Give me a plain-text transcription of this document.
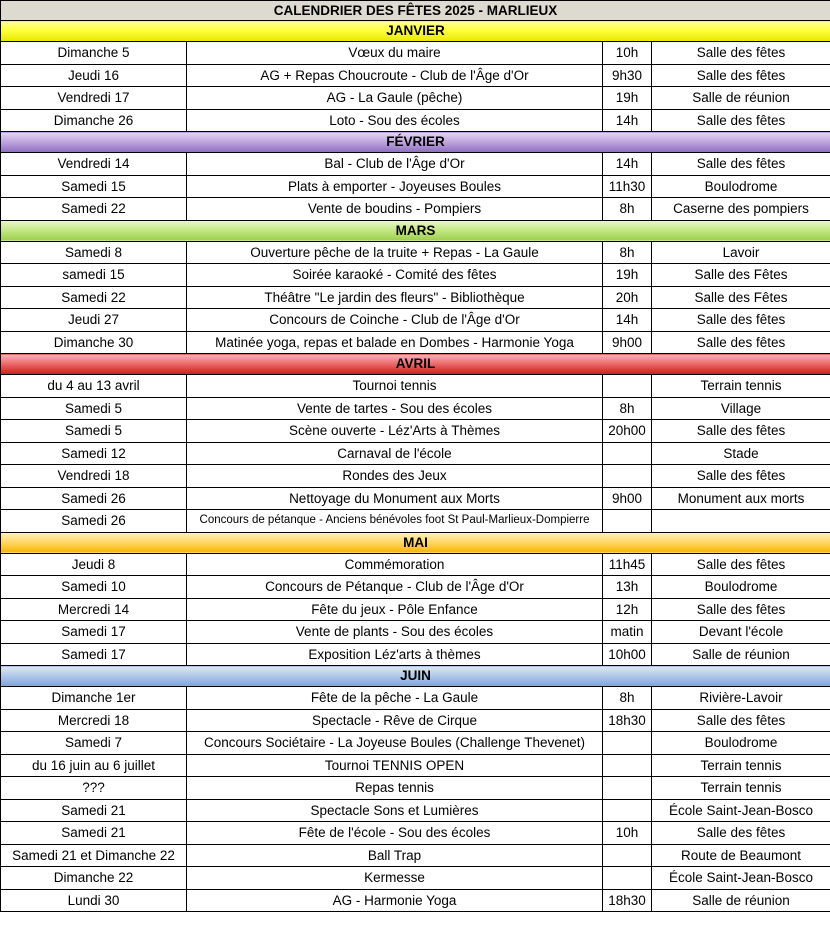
CALENDRIER DES FÊTES 2025 - MARLIEUX			
JANVIER			
Dimanche 5	Vœux du maire	10h	Salle des fêtes
Jeudi 16	AG + Repas Choucroute - Club de l'Âge d'Or	9h30	Salle des fêtes
Vendredi 17	AG - La Gaule (pêche)	19h	Salle de réunion
Dimanche 26	Loto - Sou des écoles	14h	Salle des fêtes
FÉVRIER			
Vendredi 14	Bal - Club de l'Âge d'Or	14h	Salle des fêtes
Samedi 15	Plats à emporter - Joyeuses Boules	11h30	Boulodrome
Samedi 22	Vente de boudins - Pompiers	8h	Caserne des pompiers
MARS			
Samedi 8	Ouverture pêche de la truite + Repas - La Gaule	8h	Lavoir
samedi 15	Soirée karaoké - Comité des fêtes	19h	Salle des Fêtes
Samedi 22	Théâtre "Le jardin des fleurs" - Bibliothèque	20h	Salle des Fêtes
Jeudi 27	Concours de Coinche - Club de l'Âge d'Or	14h	Salle des fêtes
Dimanche 30	Matinée yoga, repas et balade en Dombes - Harmonie Yoga	9h00	Salle des fêtes
AVRIL			
du 4 au 13 avril	Tournoi tennis		Terrain tennis
Samedi 5	Vente de tartes - Sou des écoles	8h	Village
Samedi 5	Scène ouverte - Léz'Arts à Thèmes	20h00	Salle des fêtes
Samedi 12	Carnaval de l'école		Stade
Vendredi 18	Rondes des Jeux		Salle des fêtes
Samedi 26	Nettoyage du Monument aux Morts	9h00	Monument aux morts
Samedi 26	Concours de pétanque - Anciens bénévoles foot St Paul-Marlieux-Dompierre		
MAI			
Jeudi 8	Commémoration	11h45	Salle des fêtes
Samedi 10	Concours de Pétanque - Club de l'Âge d'Or	13h	Boulodrome
Mercredi 14	Fête du jeux - Pôle Enfance	12h	Salle des fêtes
Samedi 17	Vente de plants - Sou des écoles	matin	Devant l'école
Samedi 17	Exposition Léz'arts à thèmes	10h00	Salle de réunion
JUIN			
Dimanche 1er	Fête de la pêche - La Gaule	8h	Rivière-Lavoir
Mercredi 18	Spectacle - Rêve de Cirque	18h30	Salle des fêtes
Samedi 7	Concours Sociétaire - La Joyeuse Boules (Challenge Thevenet)		Boulodrome
du 16 juin au 6 juillet	Tournoi TENNIS OPEN		Terrain tennis
???	Repas tennis		Terrain tennis
Samedi 21	Spectacle Sons et Lumières		École Saint-Jean-Bosco
Samedi 21	Fête de l'école - Sou des écoles	10h	Salle des fêtes
Samedi 21 et Dimanche 22	Ball Trap		Route de Beaumont
Dimanche 22	Kermesse		École Saint-Jean-Bosco
Lundi 30	AG - Harmonie Yoga	18h30	Salle de réunion
